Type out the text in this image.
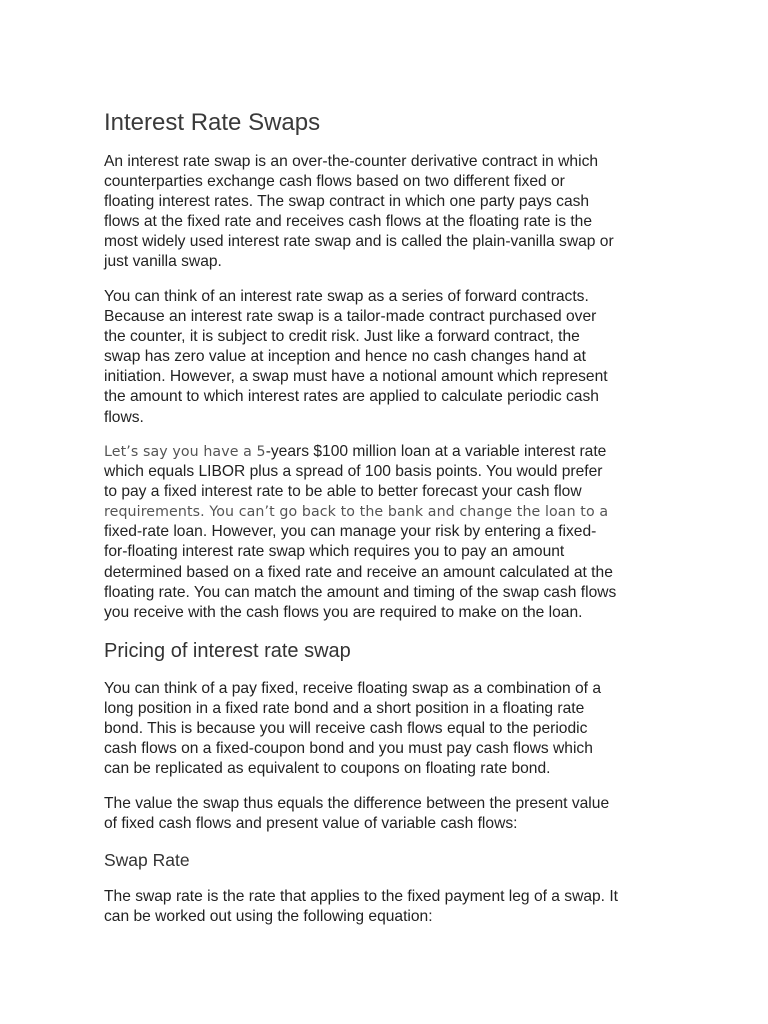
Interest Rate Swaps
An interest rate swap is an over-the-counter derivative contract in which
counterparties exchange cash flows based on two different fixed or
floating interest rates. The swap contract in which one party pays cash
flows at the fixed rate and receives cash flows at the floating rate is the
most widely used interest rate swap and is called the plain-vanilla swap or
just vanilla swap.
You can think of an interest rate swap as a series of forward contracts.
Because an interest rate swap is a tailor-made contract purchased over
the counter, it is subject to credit risk. Just like a forward contract, the
swap has zero value at inception and hence no cash changes hand at
initiation. However, a swap must have a notional amount which represent
the amount to which interest rates are applied to calculate periodic cash
flows.
Let’s say you have a 5-years $100 million loan at a variable interest rate
which equals LIBOR plus a spread of 100 basis points. You would prefer
to pay a fixed interest rate to be able to better forecast your cash flow
requirements. You can’t go back to the bank and change the loan to a
fixed-rate loan. However, you can manage your risk by entering a fixed-
for-floating interest rate swap which requires you to pay an amount
determined based on a fixed rate and receive an amount calculated at the
floating rate. You can match the amount and timing of the swap cash flows
you receive with the cash flows you are required to make on the loan.
Pricing of interest rate swap
You can think of a pay fixed, receive floating swap as a combination of a
long position in a fixed rate bond and a short position in a floating rate
bond. This is because you will receive cash flows equal to the periodic
cash flows on a fixed-coupon bond and you must pay cash flows which
can be replicated as equivalent to coupons on floating rate bond.
The value the swap thus equals the difference between the present value
of fixed cash flows and present value of variable cash flows:
Swap Rate
The swap rate is the rate that applies to the fixed payment leg of a swap. It
can be worked out using the following equation:
